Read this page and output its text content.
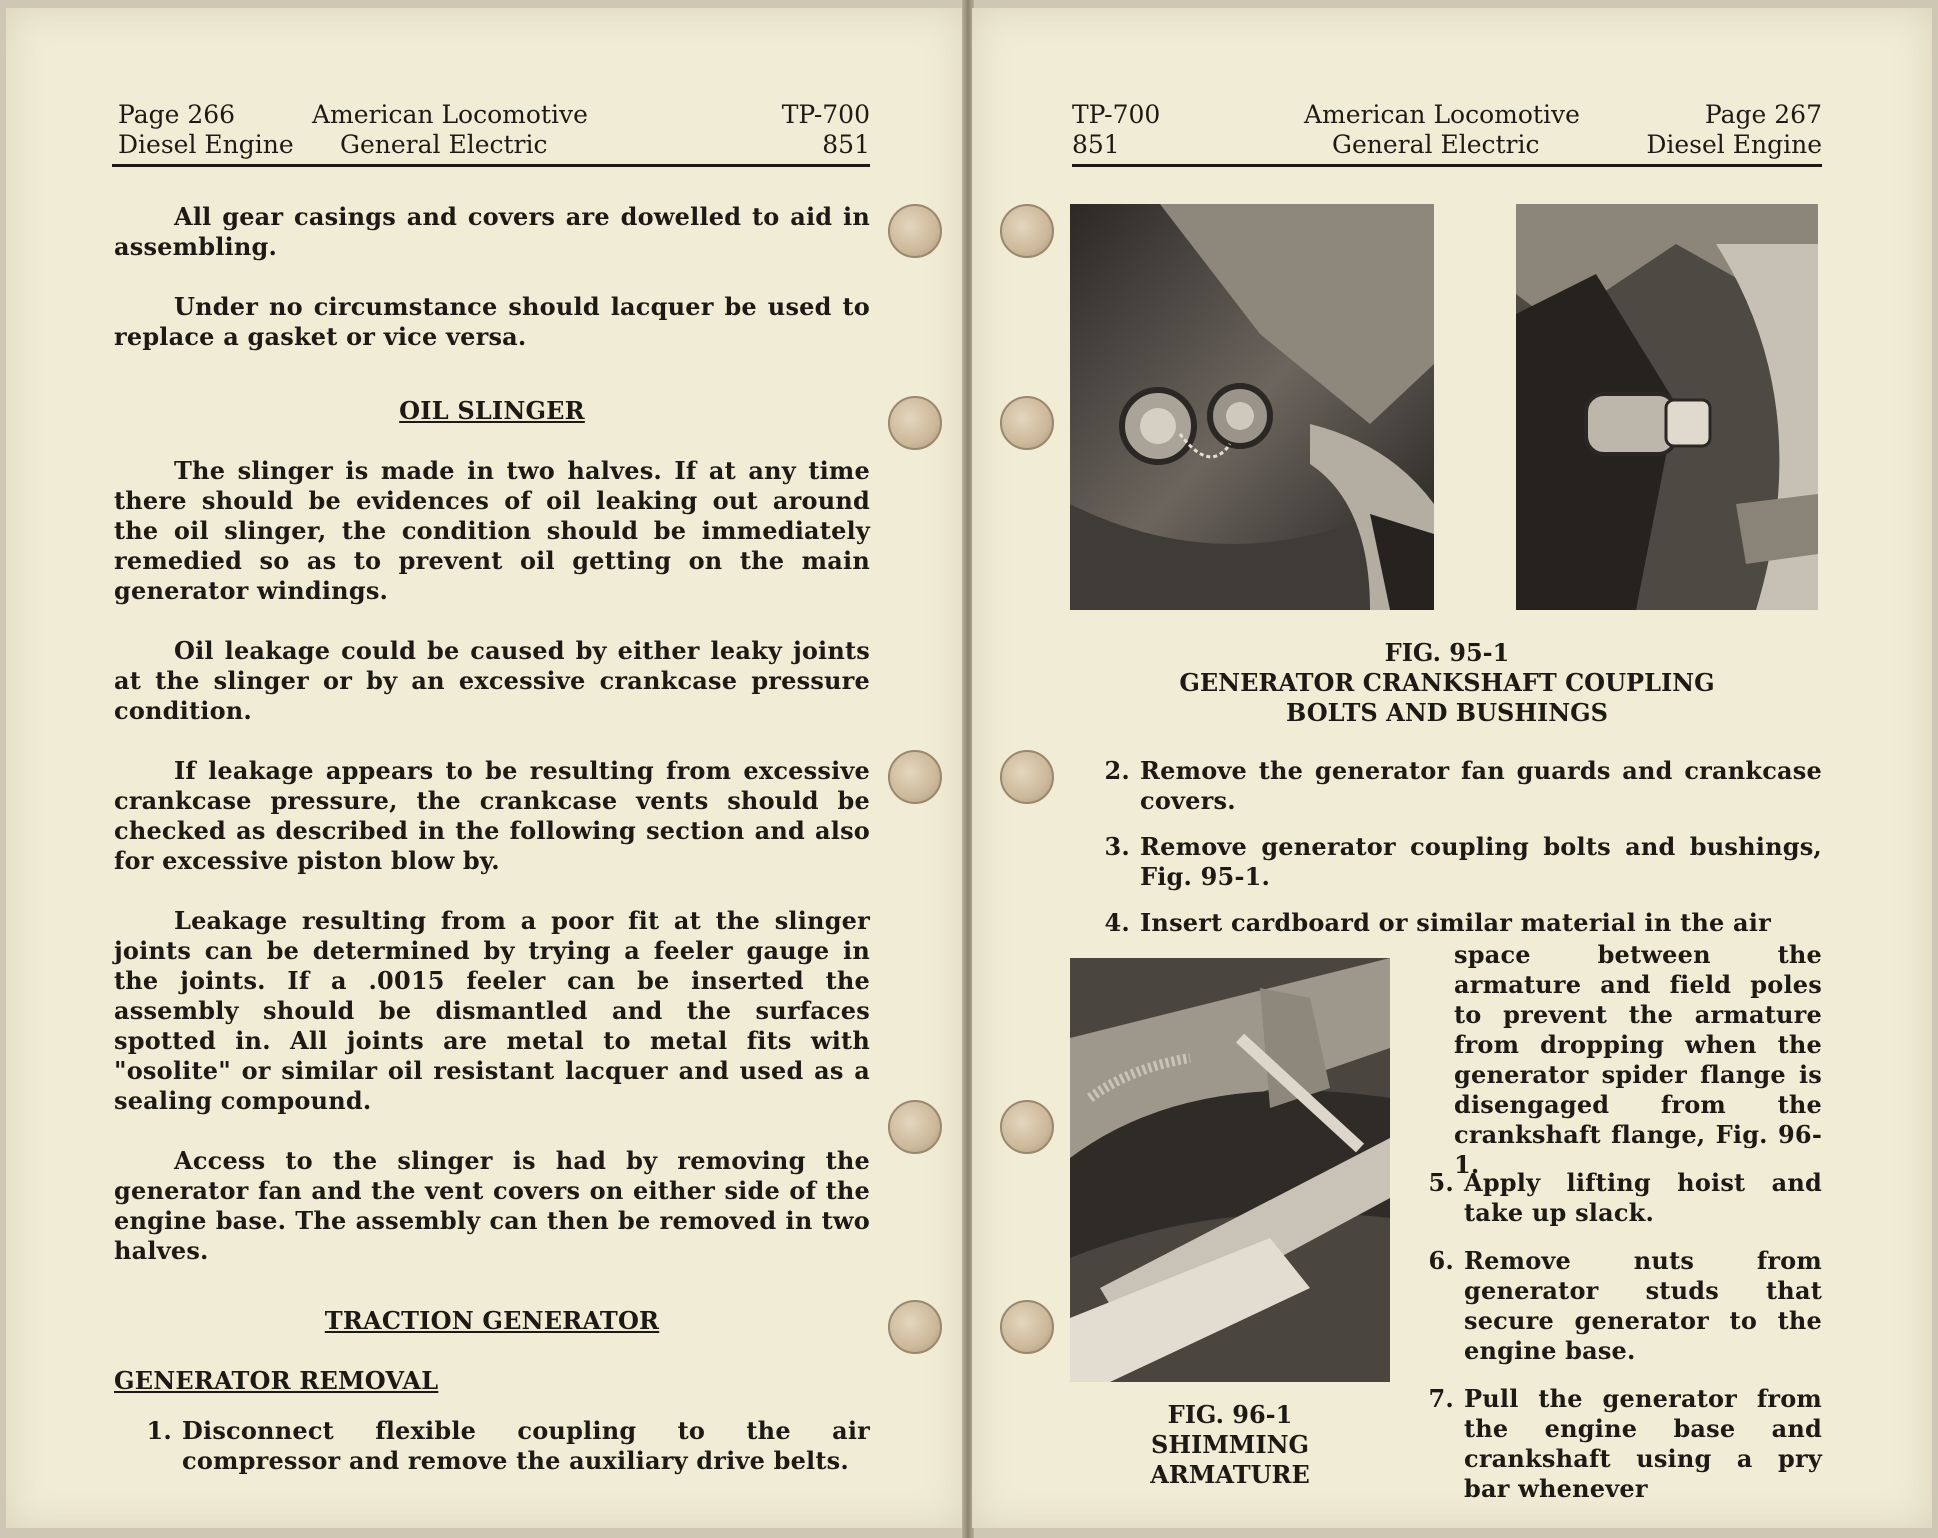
Page 266
Diesel Engine
American Locomotive
General Electric
TP-700
851

All gear casings and covers are dowelled to aid in assembling.

Under no circumstance should lacquer be used to replace a gasket or vice versa.

OIL SLINGER

The slinger is made in two halves. If at any time there should be evidences of oil leaking out around the oil slinger, the condition should be immediately remedied so as to prevent oil getting on the main generator windings.

Oil leakage could be caused by either leaky joints at the slinger or by an excessive crankcase pressure condition.

If leakage appears to be resulting from excessive crankcase pressure, the crankcase vents should be checked as described in the following section and also for excessive piston blow by.

Leakage resulting from a poor fit at the slinger joints can be determined by trying a feeler gauge in the joints. If a .0015 feeler can be inserted the assembly should be dismantled and the surfaces spotted in. All joints are metal to metal fits with "osolite" or similar oil resistant lacquer and used as a sealing compound.

Access to the slinger is had by removing the generator fan and the vent covers on either side of the engine base. The assembly can then be removed in two halves.

TRACTION GENERATOR

GENERATOR REMOVAL

1. Disconnect flexible coupling to the air compressor and remove the auxiliary drive belts.
TP-700
851
American Locomotive
General Electric
Page 267
Diesel Engine
FIG. 95-1
GENERATOR CRANKSHAFT COUPLING
BOLTS AND BUSHINGS
2. Remove the generator fan guards and crankcase covers.
3. Remove generator coupling bolts and bushings, Fig. 95-1.
4. Insert cardboard or similar material in the air
space between the armature and field poles to prevent the armature from dropping when the generator spider flange is disengaged from the crankshaft flange, Fig. 96-1.
5. Apply lifting hoist and take up slack.
6. Remove nuts from generator studs that secure generator to the engine base.
7. Pull the generator from the engine base and crankshaft using a pry bar whenever
FIG. 96-1
SHIMMING ARMATURE
